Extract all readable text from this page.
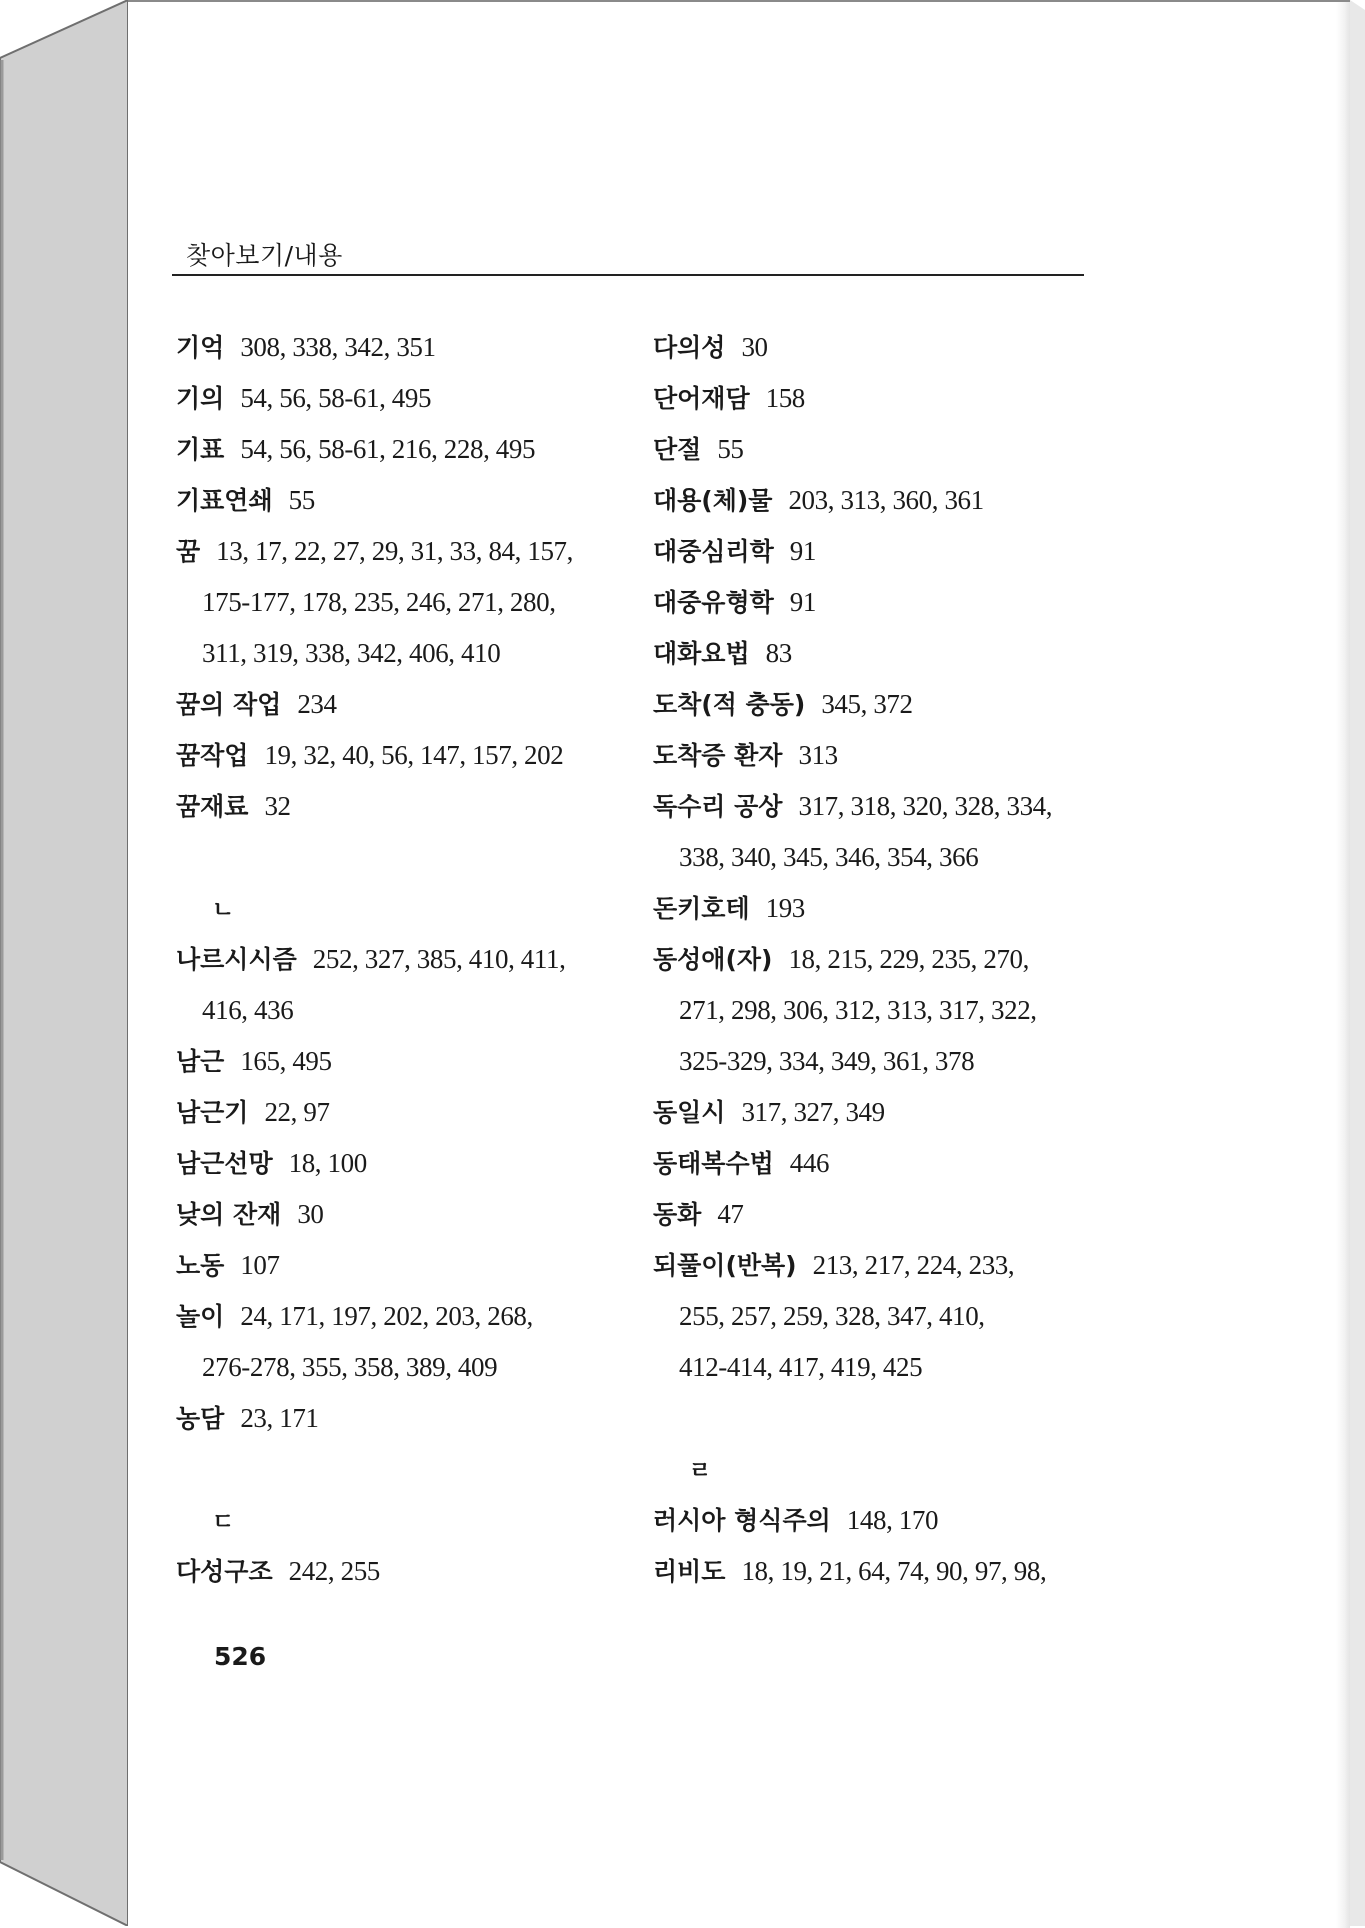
찾아보기/내용
기억 308, 338, 342, 351
기의 54, 56, 58-61, 495
기표 54, 56, 58-61, 216, 228, 495
기표연쇄 55
꿈 13, 17, 22, 27, 29, 31, 33, 84, 157,
175-177, 178, 235, 246, 271, 280,
311, 319, 338, 342, 406, 410
꿈의 작업 234
꿈작업 19, 32, 40, 56, 147, 157, 202
꿈재료 32
ㄴ
나르시시즘 252, 327, 385, 410, 411,
416, 436
남근 165, 495
남근기 22, 97
남근선망 18, 100
낮의 잔재 30
노동 107
놀이 24, 171, 197, 202, 203, 268,
276-278, 355, 358, 389, 409
농담 23, 171
ㄷ
다성구조 242, 255
다의성 30
단어재담 158
단절 55
대용(체)물 203, 313, 360, 361
대중심리학 91
대중유형학 91
대화요법 83
도착(적 충동) 345, 372
도착증 환자 313
독수리 공상 317, 318, 320, 328, 334,
338, 340, 345, 346, 354, 366
돈키호테 193
동성애(자) 18, 215, 229, 235, 270,
271, 298, 306, 312, 313, 317, 322,
325-329, 334, 349, 361, 378
동일시 317, 327, 349
동태복수법 446
동화 47
되풀이(반복) 213, 217, 224, 233,
255, 257, 259, 328, 347, 410,
412-414, 417, 419, 425
ㄹ
러시아 형식주의 148, 170
리비도 18, 19, 21, 64, 74, 90, 97, 98,
526
